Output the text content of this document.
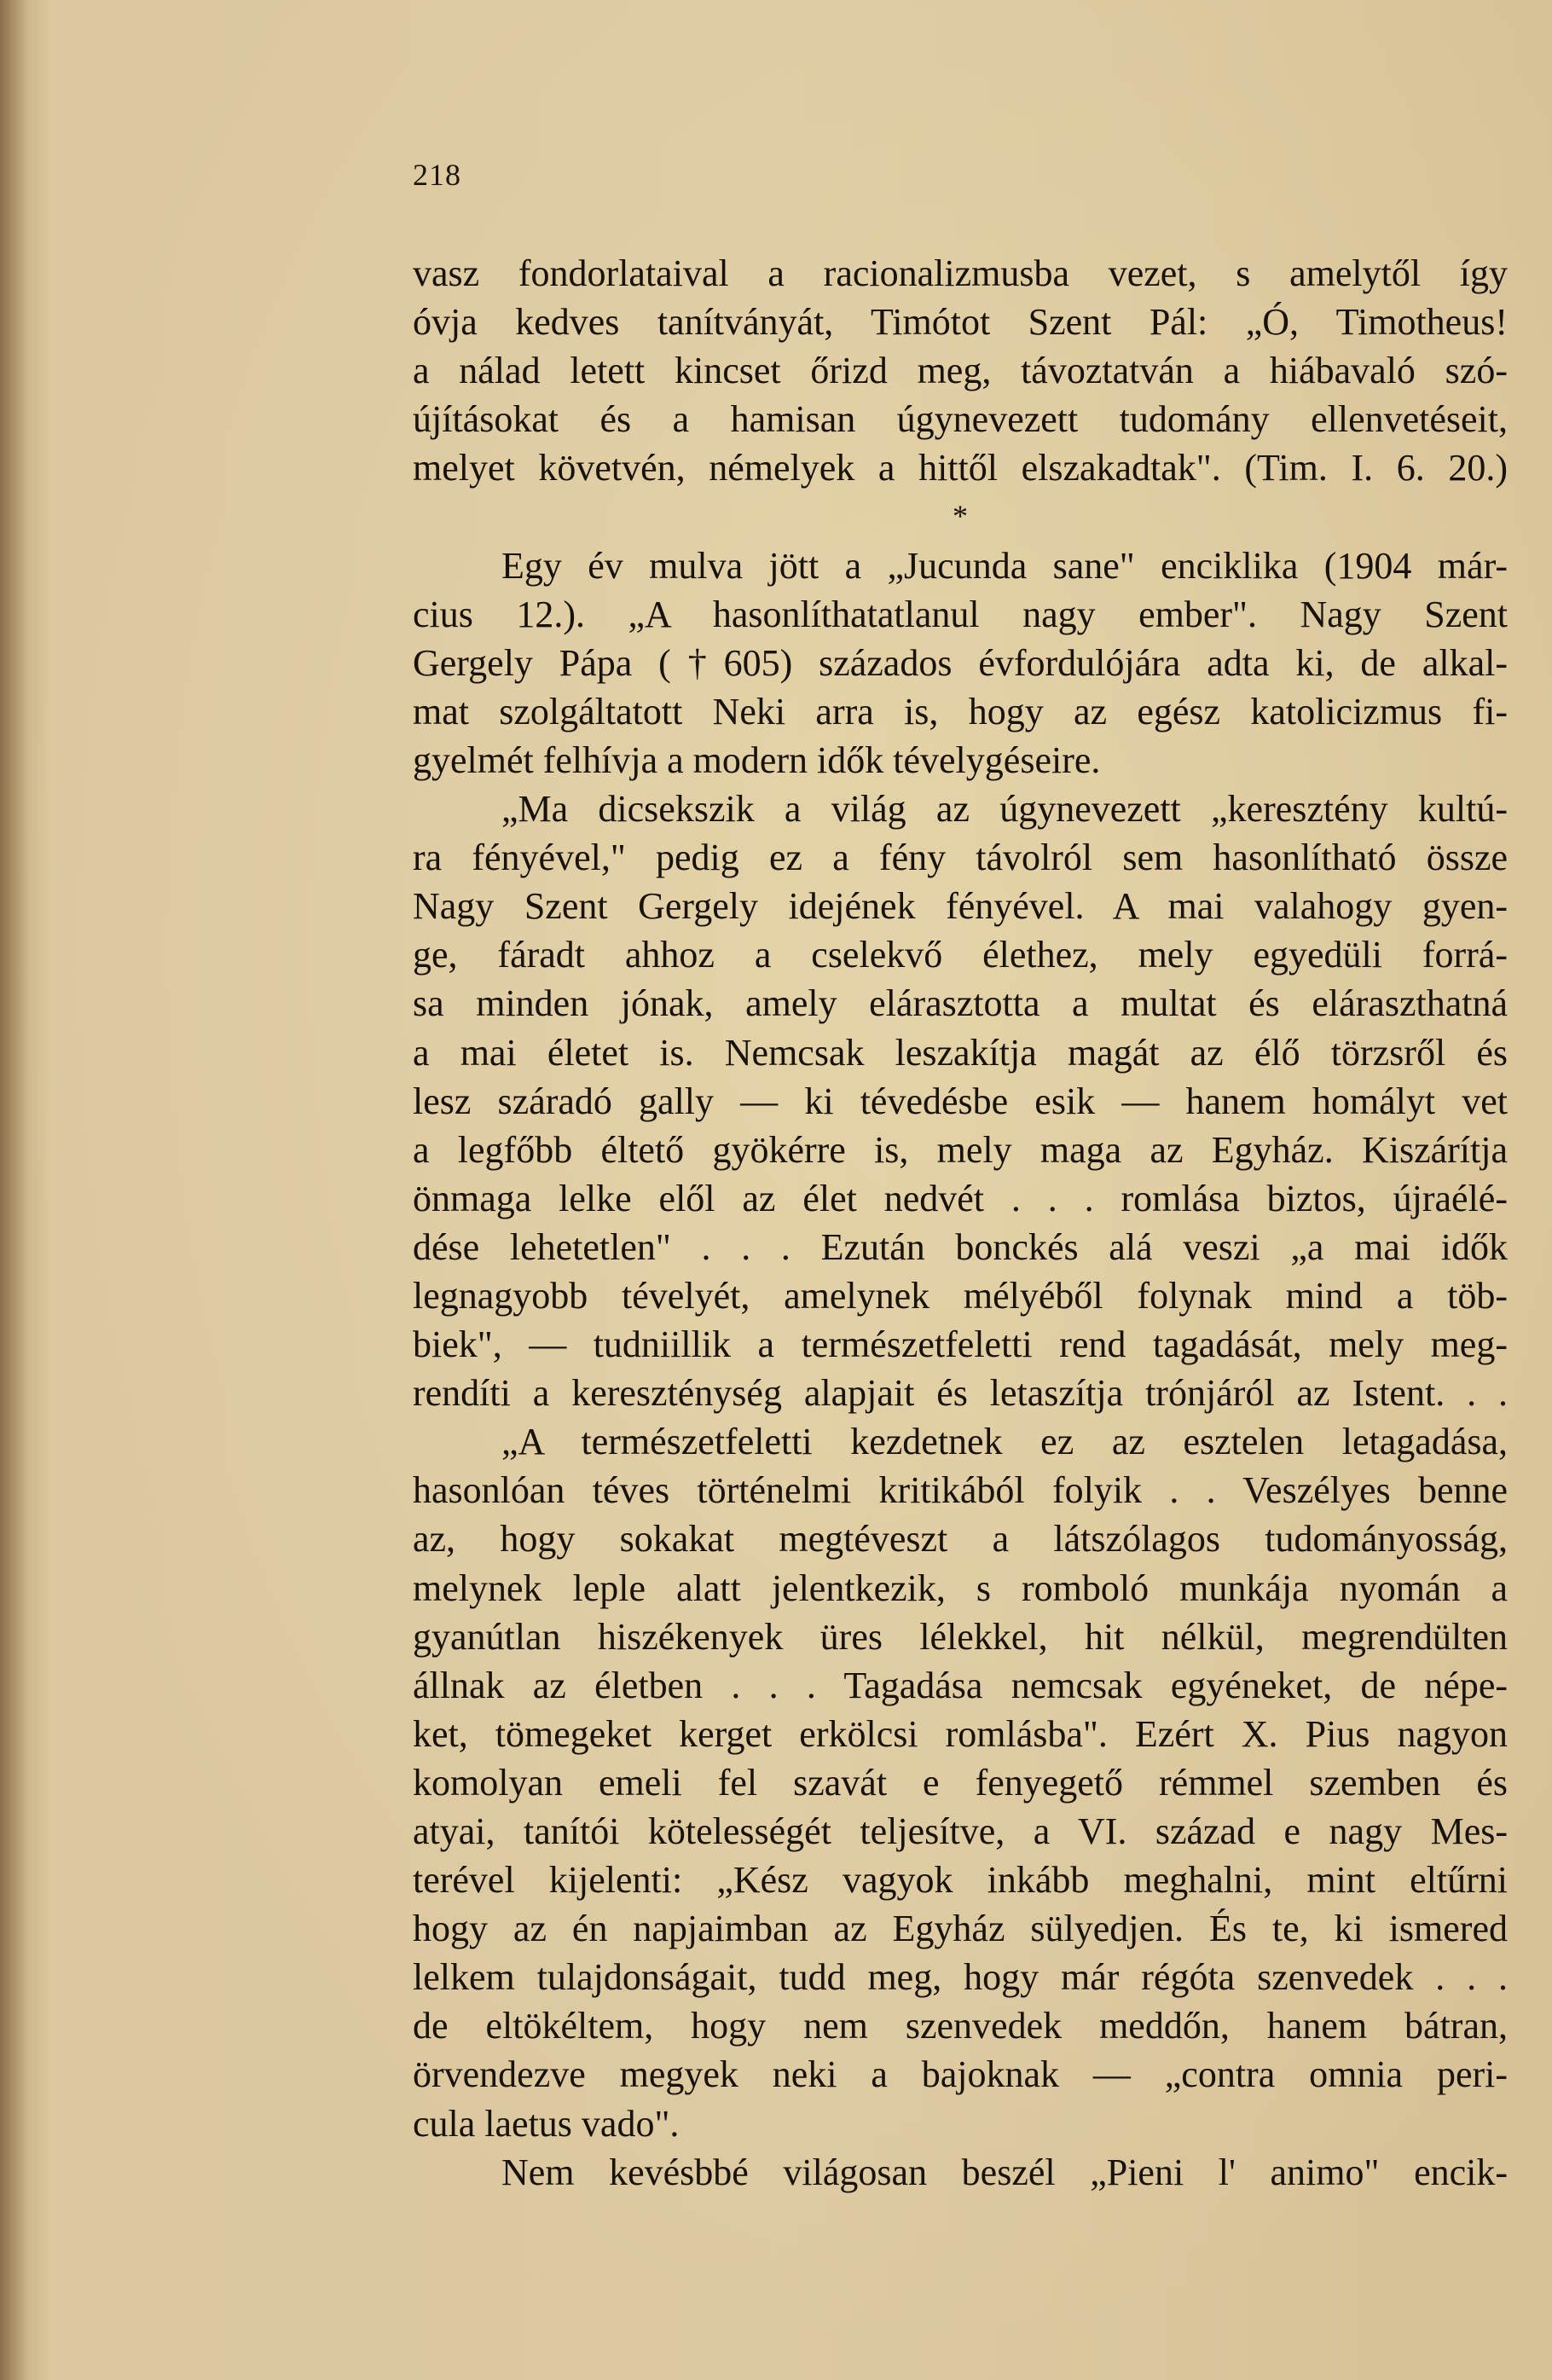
218
vasz fondorlataival a racionalizmusba vezet, s amelytől így
óvja kedves tanítványát, Timótot Szent Pál: „Ó, Timotheus!
a nálad letett kincset őrizd meg, távoztatván a hiábavaló szó-
újításokat és a hamisan úgynevezett tudomány ellenvetéseit,
melyet követvén, némelyek a hittől elszakadtak". (Tim. I. 6. 20.)
*
Egy év mulva jött a „Jucunda sane" enciklika (1904 már-
cius 12.). „A hasonlíthatatlanul nagy ember". Nagy Szent
Gergely Pápa (†605) százados évfordulójára adta ki, de alkal-
mat szolgáltatott Neki arra is, hogy az egész katolicizmus fi-
gyelmét felhívja a modern idők tévelygéseire.
„Ma dicsekszik a világ az úgynevezett „keresztény kultú-
ra fényével," pedig ez a fény távolról sem hasonlítható össze
Nagy Szent Gergely idejének fényével. A mai valahogy gyen-
ge, fáradt ahhoz a cselekvő élethez, mely egyedüli forrá-
sa minden jónak, amely elárasztotta a multat és eláraszthatná
a mai életet is. Nemcsak leszakítja magát az élő törzsről és
lesz száradó gally — ki tévedésbe esik — hanem homályt vet
a legfőbb éltető gyökérre is, mely maga az Egyház. Kiszárítja
önmaga lelke elől az élet nedvét . . . romlása biztos, újraélé-
dése lehetetlen" . . . Ezután bonckés alá veszi „a mai idők
legnagyobb tévelyét, amelynek mélyéből folynak mind a töb-
biek", — tudniillik a természetfeletti rend tagadását, mely meg-
rendíti a kereszténység alapjait és letaszítja trónjáról az Istent. . .
„A természetfeletti kezdetnek ez az esztelen letagadása,
hasonlóan téves történelmi kritikából folyik . . Veszélyes benne
az, hogy sokakat megtéveszt a látszólagos tudományosság,
melynek leple alatt jelentkezik, s romboló munkája nyomán a
gyanútlan hiszékenyek üres lélekkel, hit nélkül, megrendülten
állnak az életben . . . Tagadása nemcsak egyéneket, de népe-
ket, tömegeket kerget erkölcsi romlásba". Ezért X. Pius nagyon
komolyan emeli fel szavát e fenyegető rémmel szemben és
atyai, tanítói kötelességét teljesítve, a VI. század e nagy Mes-
terével kijelenti: „Kész vagyok inkább meghalni, mint eltűrni
hogy az én napjaimban az Egyház sülyedjen. És te, ki ismered
lelkem tulajdonságait, tudd meg, hogy már régóta szenvedek . . .
de eltökéltem, hogy nem szenvedek meddőn, hanem bátran,
örvendezve megyek neki a bajoknak — „contra omnia peri-
cula laetus vado".
Nem kevésbbé világosan beszél „Pieni l' animo" encik-
